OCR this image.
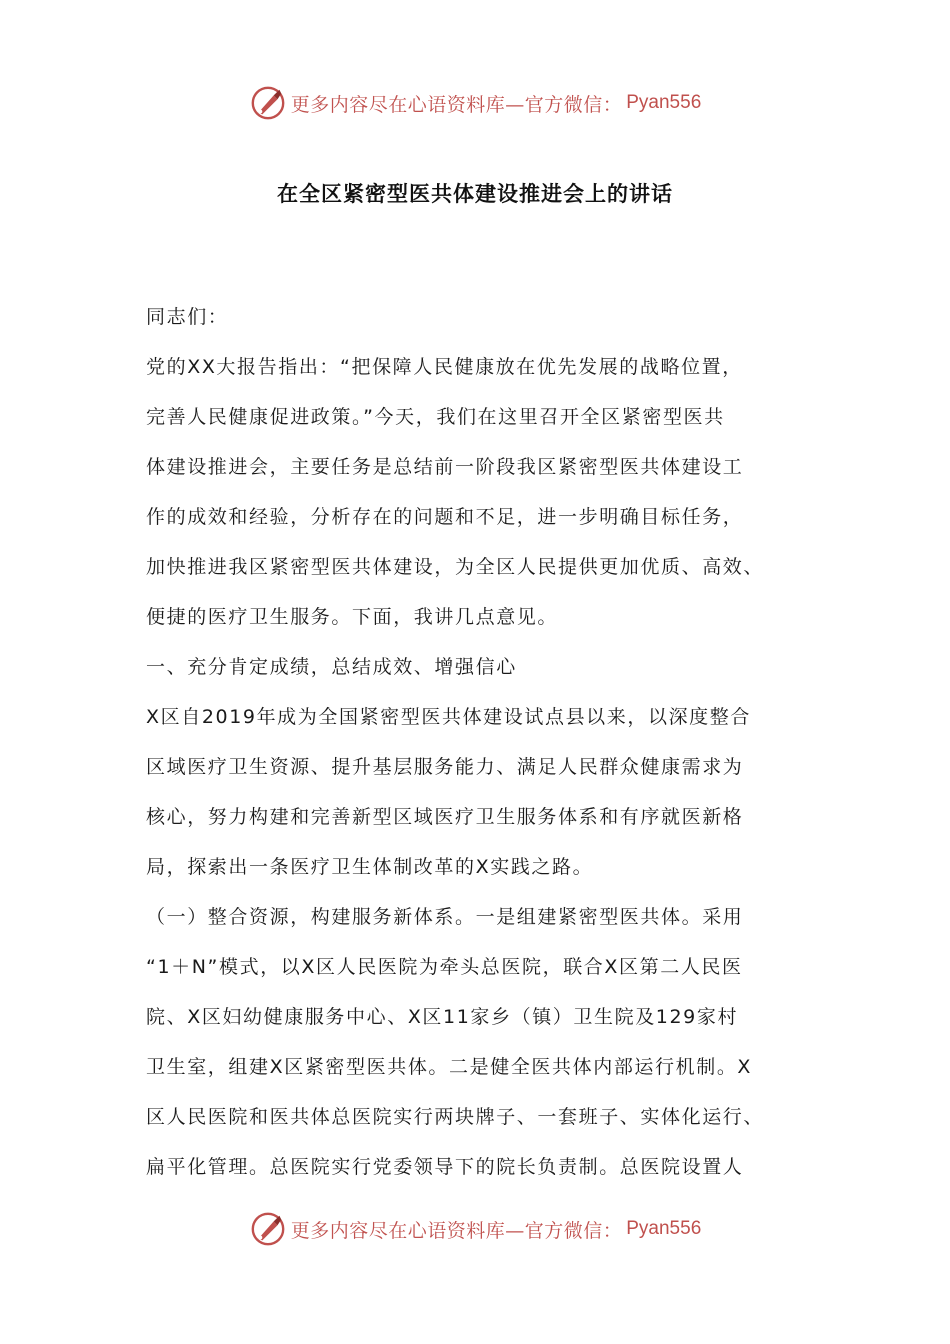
更多内容尽在心语资料库—官方微信： Pyan556
在全区紧密型医共体建设推进会上的讲话
同志们：
党的XX大报告指出：“把保障人民健康放在优先发展的战略位置，
完善人民健康促进政策。”今天，我们在这里召开全区紧密型医共
体建设推进会，主要任务是总结前一阶段我区紧密型医共体建设工
作的成效和经验，分析存在的问题和不足，进一步明确目标任务，
加快推进我区紧密型医共体建设，为全区人民提供更加优质、高效、
便捷的医疗卫生服务。下面，我讲几点意见。
一、充分肯定成绩，总结成效、增强信心
X区自2019年成为全国紧密型医共体建设试点县以来，以深度整合
区域医疗卫生资源、提升基层服务能力、满足人民群众健康需求为
核心，努力构建和完善新型区域医疗卫生服务体系和有序就医新格
局，探索出一条医疗卫生体制改革的X实践之路。
（一）整合资源，构建服务新体系。一是组建紧密型医共体。采用
“1＋N”模式，以X区人民医院为牵头总医院，联合X区第二人民医
院、X区妇幼健康服务中心、X区11家乡（镇）卫生院及129家村
卫生室，组建X区紧密型医共体。二是健全医共体内部运行机制。X
区人民医院和医共体总医院实行两块牌子、一套班子、实体化运行、
扁平化管理。总医院实行党委领导下的院长负责制。总医院设置人
更多内容尽在心语资料库—官方微信： Pyan556
